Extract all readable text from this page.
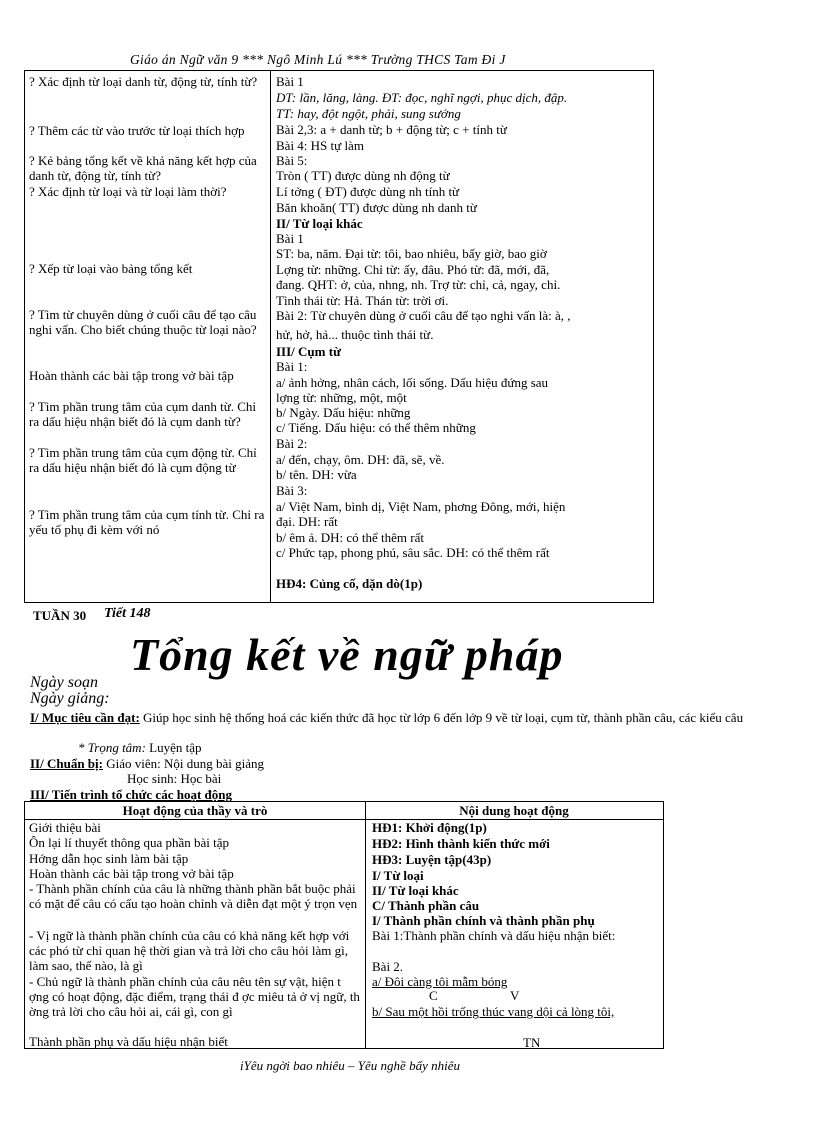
Giáo án Ngữ văn 9 *** Ngô Minh Lú *** Trường THCS Tam Đi J
? Xác định từ loại danh từ, động từ, tính từ?
? Thêm các từ vào trước từ loại thích hợp
? Kẻ bảng tổng kết về khả năng kết hợp của danh từ, động từ, tính từ?
? Xác định từ loại và từ loại làm thời?
? Xếp từ loại vào bảng tổng kết
? Tìm từ chuyên dùng ở cuối câu để tạo câu nghi vấn. Cho biết chúng thuộc từ loại nào?
Hoàn thành các bài tập trong vở bài tập
? Tìm phần trung tâm của cụm danh từ. Chỉ ra dấu hiệu nhận biết đó là cụm danh từ?
? Tìm phần trung tâm của cụm động từ. Chỉ ra dấu hiệu nhận biết đó là cụm động từ
? Tìm phần trung tâm của cụm tính từ. Chỉ ra yếu tố phụ đi kèm với nó
Bài 1
DT: lần, lăng, làng. ĐT: đọc, nghĩ ngợi, phục dịch, đập.
TT: hay, đột ngột, phải, sung sướng
Bài 2,3: a + danh từ; b + động từ; c + tính từ
Bài 4: HS tự làm
Bài 5:
Tròn ( TT) được dùng nh động từ
Lí tởng ( ĐT) được dùng nh tính từ
Băn khoăn( TT) được dùng nh danh từ
II/ Từ loại khác
Bài 1
ST: ba, năm. Đại từ: tôi, bao nhiêu, bấy giờ, bao giờ
Lợng từ: những. Chỉ từ: ấy, đâu. Phó từ: đã, mới, đã,
đang. QHT: ở, của, nhng, nh. Trợ từ: chỉ, cả, ngay, chỉ.
Tình thái từ: Hả. Thán từ: trời ơi.
Bài 2: Từ chuyên dùng ở cuối câu để tạo nghi vấn là: à, ,
hử, hở, hả... thuộc tình thái từ.
III/ Cụm từ
Bài 1:
a/ ảnh hởng, nhân cách, lối sống. Dấu hiệu đứng sau
lợng từ: những, một, một
b/ Ngày. Dấu hiệu: những
c/ Tiếng. Dấu hiệu: có thể thêm những
Bài 2:
a/ đến, chạy, ôm. DH: đã, sẽ, về.
b/ tên. DH: vừa
Bài 3:
a/ Việt Nam, bình dị, Việt Nam, phơng Đông, mới, hiện
đại. DH: rất
b/ êm ả. DH: có thể thêm rất
c/ Phức tạp, phong phú, sâu sắc. DH: có thể thêm rất
HĐ4: Củng cố, dặn dò(1p)
TUẦN 30 Tiết 148
Tổng kết về ngữ pháp
Ngày soạn
Ngày giảng:
I/ Mục tiêu cần đạt: Giúp học sinh hệ thống hoá các kiến thức đã học từ lớp 6 đến lớp 9 về từ loại, cụm từ, thành phần câu, các kiểu câu
* Trọng tâm: Luyện tập
II/ Chuẩn bị: Giáo viên: Nội dung bài giảng
Học sinh: Học bài
III/ Tiến trình tổ chức các hoạt động
Hoạt động của thầy và trò	Nội dung hoạt động
Giới thiệu bài
Ôn lại lí thuyết thông qua phần bài tập
Hớng dẫn học sinh làm bài tập
Hoàn thành các bài tập trong vở bài tập
- Thành phần chính của câu là những thành phần bắt buộc phải có mặt để câu có cấu tạo hoàn chỉnh và diễn đạt một ý trọn vẹn
- Vị ngữ là thành phần chính của câu có khả năng kết hợp với các phó từ chỉ quan hệ thời gian và trả lời cho câu hỏi làm gì, làm sao, thế nào, là gì
- Chủ ngữ là thành phần chính của câu nêu tên sự vật, hiện t ợng có hoạt động, đặc điểm, trạng thái đ ợc miêu tả ở vị ngữ, th ờng trả lời cho câu hỏi ai, cái gì, con gì
Thành phần phụ và dấu hiệu nhận biết
HĐ1: Khởi động(1p)
HĐ2: Hình thành kiến thức mới
HĐ3: Luyện tập(43p)
I/ Từ loại
II/ Từ loại khác
C/ Thành phần câu
I/ Thành phần chính và thành phần phụ
Bài 1:Thành phần chính và dấu hiệu nhận biết:
Bài 2.
a/ Đôi càng tôi mẫm bóng
C	V
b/ Sau một hồi trống thúc vang dội cả lòng tôi,
TN
iYêu ngời bao nhiêu – Yêu nghề bấy nhiêu
